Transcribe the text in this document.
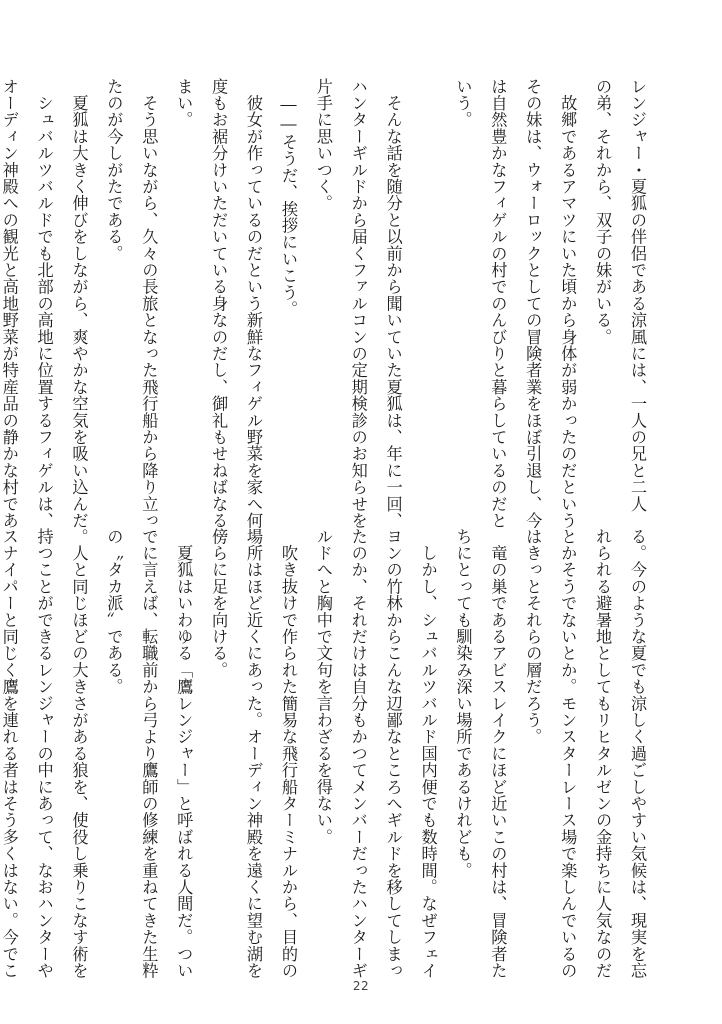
レンジャー・夏狐の伴侶である涼風には、一人の兄と二人

の弟、それから、双子の妹がいる。

　故郷であるアマツにいた頃から身体が弱かったのだという

その妹は、ウォーロックとしての冒険者業をほぼ引退し、今

は自然豊かなフィゲルの村でのんびりと暮らしているのだと

いう。

　そんな話を随分と以前から聞いていた夏狐は、年に一回、

ハンターギルドから届くファルコンの定期検診のお知らせを

片手に思いつく。

　――そうだ、挨拶にいこう。

　彼女が作っているのだという新鮮なフィゲル野菜を家へ何

度もお裾分けいただいている身なのだし、御礼もせねばなる

まい。

　そう思いながら、久々の長旅となった飛行船から降り立っ

たのが今しがたである。

　夏狐は大きく伸びをしながら、爽やかな空気を吸い込んだ。

　シュバルツバルドでも北部の高地に位置するフィゲルは、

オーディン神殿への観光と高地野菜が特産品の静かな村であ

る。今のような夏でも涼しく過ごしやすい気候は、現実を忘

れられる避暑地としてもリヒタルゼンの金持ちに人気なのだ

とかそうでないとか。モンスターレース場で楽しんでいるの

はきっとそれらの層だろう。

　竜の巣であるアビスレイクにほど近いこの村は、冒険者た

ちにとっても馴染み深い場所であるけれども。

　しかし、シュバルツバルド国内便でも数時間。なぜフェイ

ヨンの竹林からこんな辺鄙なところへギルドを移してしまっ

たのか、それだけは自分もかつてメンバーだったハンターギ

ルドへと胸中で文句を言わざるを得ない。

　吹き抜けで作られた簡易な飛行船ターミナルから、目的の

場所はほど近くにあった。オーディン神殿を遠くに望む湖を

傍らに足を向ける。

　夏狐はいわゆる「鷹レンジャー」と呼ばれる人間だ。つい

でに言えば、転職前から弓より鷹師の修練を重ねてきた生粋

の〝タカ派〟である。

　人と同じほどの大きさがある狼を、使役し乗りこなす術を

持つことができるレンジャーの中にあって、なおハンターや

スナイパーと同じく鷹を連れる者はそう多くはない。今でこ

22
